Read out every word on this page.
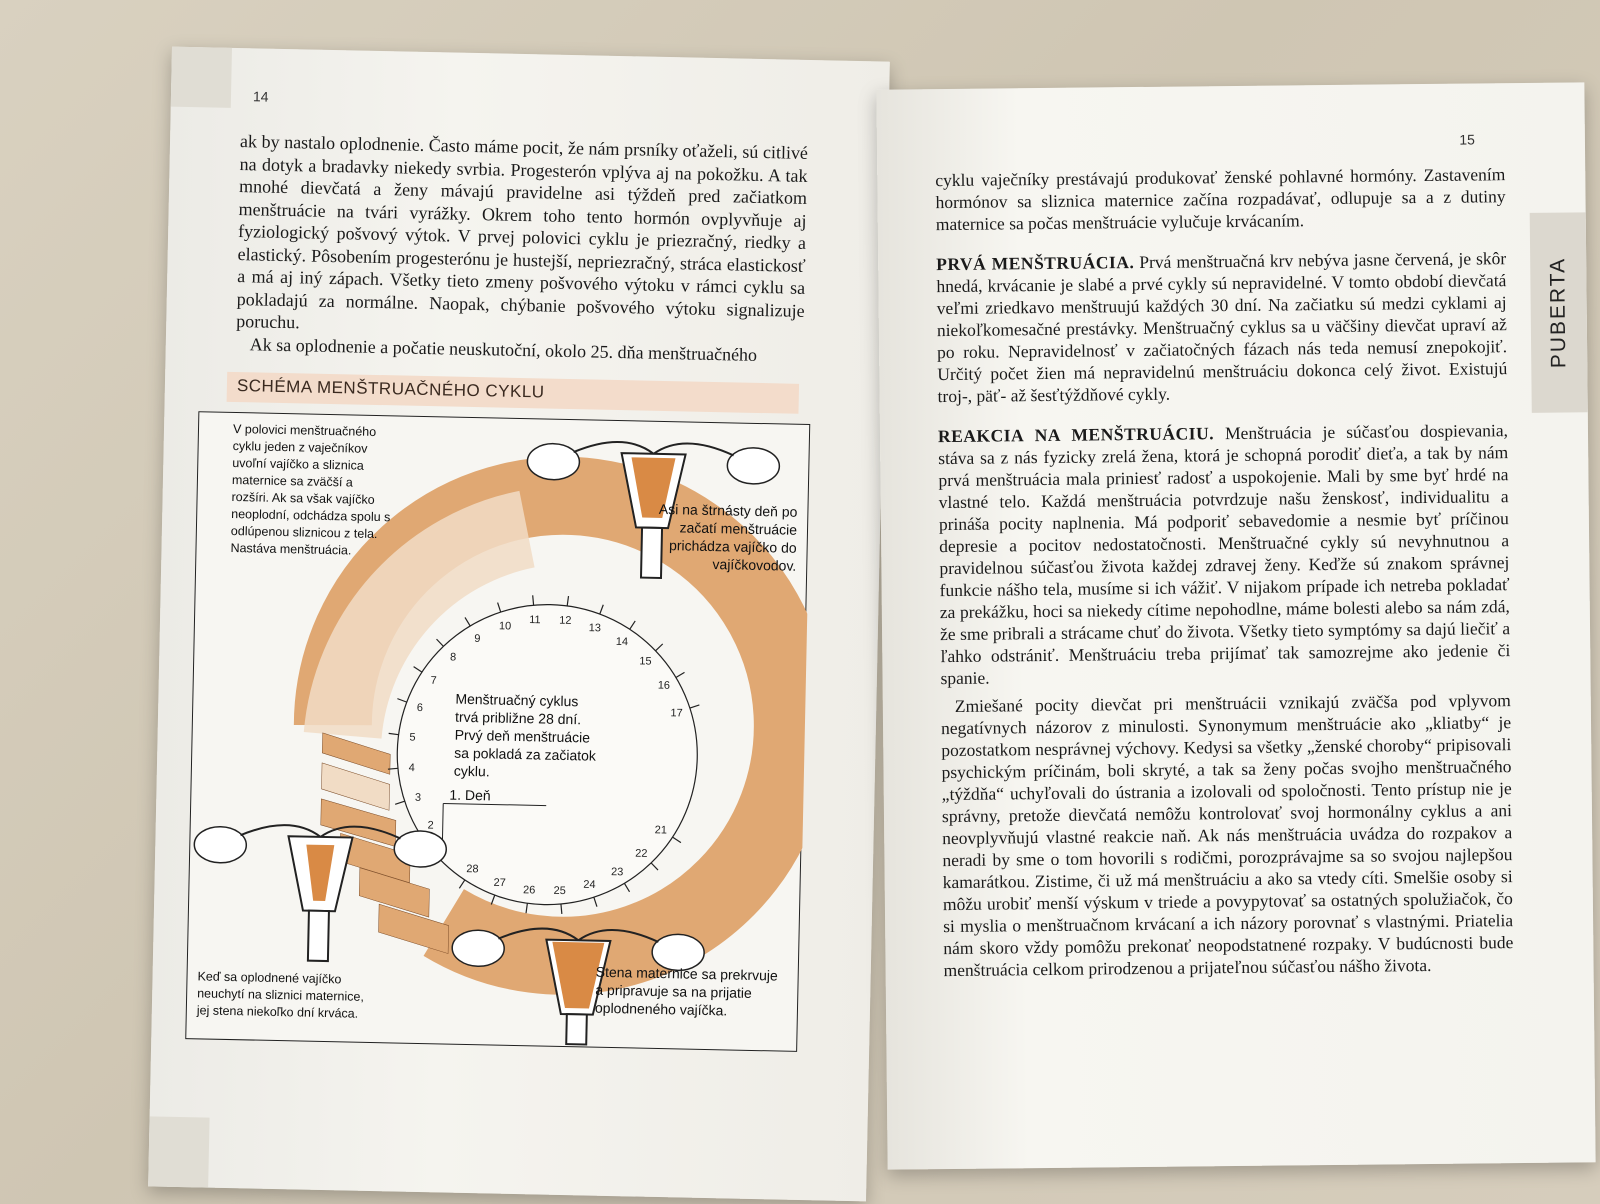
14

ak by nastalo oplodnenie. Často máme pocit, že nám prsníky oťaželi, sú citlivé na dotyk a bradavky niekedy svrbia. Progesterón vplýva aj na pokožku. A tak mnohé dievčatá a ženy mávajú pravidelne asi týždeň pred začiatkom menštruácie na tvári vyrážky. Okrem toho tento hormón ovplyvňuje aj fyziologický pošvový výtok. V prvej polovici cyklu je priezračný, riedky a elastický. Pôsobením progesterónu je hustejší, nepriezračný, stráca elastickosť a má aj iný zápach. Všetky tieto zmeny pošvového výtoku v rámci cyklu sa pokladajú za normálne. Naopak, chýbanie pošvového výtoku signalizuje poruchu.

Ak sa oplodnenie a počatie neuskutoční, okolo 25. dňa menštruačného

SCHÉMA MENŠTRUAČNÉHO CYKLU
2
3
4
5
6
7
8
9
10
11 12
13
14
15
16
17
21
22
23
24
25
26
27
28
V polovici menštruačného cyklu jeden z vaječníkov uvoľní vajíčko a sliznica maternice sa zväčší a rozšíri. Ak sa však vajíčko neoplodní, odchádza spolu s odlúpenou sliznicou z tela. Nastáva menštruácia.
Asi na štrnásty deň po začatí menštruácie prichádza vajíčko do vajíčkovodov.
Menštruačný cyklus trvá približne 28 dní. Prvý deň menštruácie sa pokladá za začiatok cyklu.
1. Deň
Keď sa oplodnené vajíčko neuchytí na sliznici maternice, jej stena niekoľko dní krváca.
Stena maternice sa prekrvuje a pripravuje sa na prijatie oplodneného vajíčka.
15
PUBERTA

cyklu vaječníky prestávajú produkovať ženské pohlavné hormóny. Zastavením hormónov sa sliznica maternice začína rozpadávať, odlupuje sa a z dutiny maternice sa počas menštruácie vylučuje krvácaním.

PRVÁ MENŠTRUÁCIA. Prvá menštruačná krv nebýva jasne červená, je skôr hnedá, krvácanie je slabé a prvé cykly sú nepravidelné. V tomto období dievčatá veľmi zriedkavo menštruujú každých 30 dní. Na začiatku sú medzi cyklami aj niekoľkomesačné prestávky. Menštruačný cyklus sa u väčšiny dievčat upraví až po roku. Nepravidelnosť v začiatočných fázach nás teda nemusí znepokojiť. Určitý počet žien má nepravidelnú menštruáciu dokonca celý život. Existujú troj-, päť- až šesťtýždňové cykly.

REAKCIA NA MENŠTRUÁCIU. Menštruácia je súčasťou dospievania, stáva sa z nás fyzicky zrelá žena, ktorá je schopná porodiť dieťa, a tak by nám prvá menštruácia mala priniesť radosť a uspokojenie. Mali by sme byť hrdé na vlastné telo. Každá menštruácia potvrdzuje našu ženskosť, individualitu a prináša pocity naplnenia. Má podporiť sebavedomie a nesmie byť príčinou depresie a pocitov nedostatočnosti. Menštruačné cykly sú nevyhnutnou a pravidelnou súčasťou života každej zdravej ženy. Keďže sú znakom správnej funkcie nášho tela, musíme si ich vážiť. V nijakom prípade ich netreba pokladať za prekážku, hoci sa niekedy cítime nepohodlne, máme bolesti alebo sa nám zdá, že sme pribrali a strácame chuť do života. Všetky tieto symptómy sa dajú liečiť a ľahko odstrániť. Menštruáciu treba prijímať tak samozrejme ako jedenie či spanie.

Zmiešané pocity dievčat pri menštruácii vznikajú zväčša pod vplyvom negatívnych názorov z minulosti. Synonymum menštruácie ako „kliatby“ je pozostatkom nesprávnej výchovy. Kedysi sa všetky „ženské choroby“ pripisovali psychickým príčinám, boli skryté, a tak sa ženy počas svojho menštruačného „týždňa“ uchyľovali do ústrania a izolovali od spoločnosti. Tento prístup nie je správny, pretože dievčatá nemôžu kontrolovať svoj hormonálny cyklus a ani neovplyvňujú vlastné reakcie naň. Ak nás menštruácia uvádza do rozpakov a neradi by sme o tom hovorili s rodičmi, porozprávajme sa so svojou najlepšou kamarátkou. Zistime, či už má menštruáciu a ako sa vtedy cíti. Smelšie osoby si môžu urobiť menší výskum v triede a povypytovať sa ostatných spolužiačok, čo si myslia o menštruačnom krvácaní a ich názory porovnať s vlastnými. Priatelia nám skoro vždy pomôžu prekonať neopodstatnené rozpaky. V budúcnosti bude menštruácia celkom prirodzenou a prijateľnou súčasťou nášho života.
